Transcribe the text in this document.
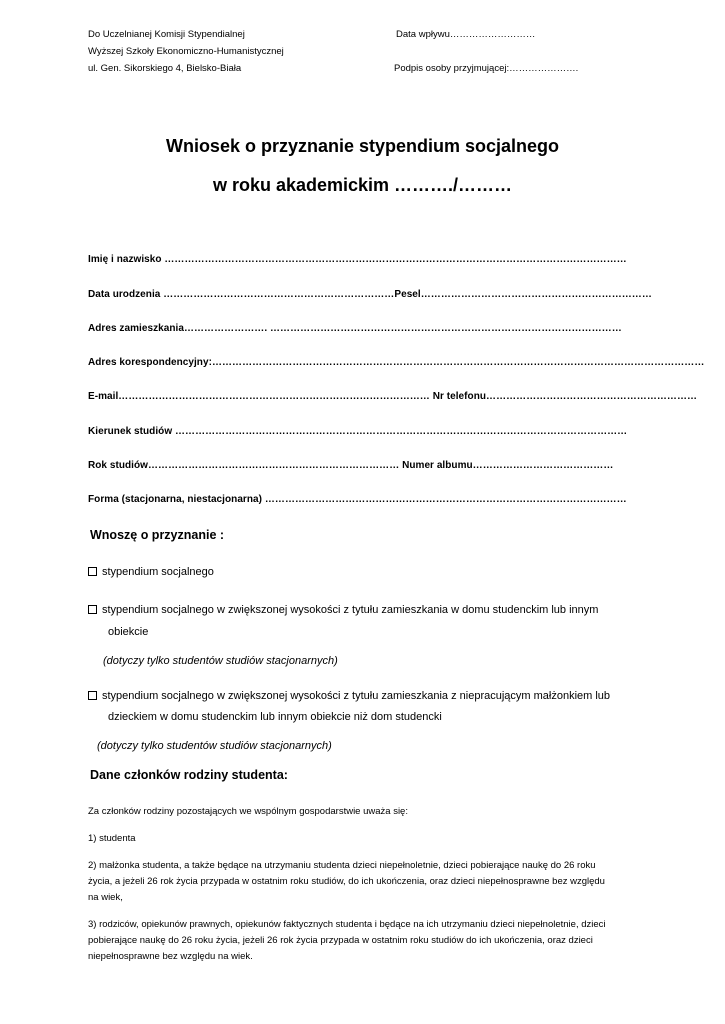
Do Uczelnianej Komisji Stypendialnej
Wyższej Szkoły Ekonomiczno-Humanistycznej
ul. Gen. Sikorskiego 4, Bielsko-Biała
Data wpływu………………………
Podpis osoby przyjmującej:………………….
Wniosek o przyznanie stypendium socjalnego
w roku akademickim ………./………
Imię i nazwisko …………………………………………………………………………………………………………………………
Data urodzenia ……………………………………………………………Pesel……………………………………………………………
Adres zamieszkania……………………. ……………………………………………………………………………………………
Adres korespondencyjny:…………………………………………………………………………………………………………………………………
E-mail………………………………………………………………………………… Nr telefonu………………………………………………………
Kierunek studiów ………………………………………………………………………………………………………………………
Rok studiów………………………………………………………………… Numer albumu……………………………………
Forma (stacjonarna, niestacjonarna) ………………………………………………………………………………………………
Wnoszę o przyznanie :
stypendium socjalnego
stypendium socjalnego w zwiększonej wysokości z tytułu zamieszkania w domu studenckim lub innym
obiekcie
(dotyczy tylko studentów studiów stacjonarnych)
stypendium socjalnego w zwiększonej wysokości z tytułu zamieszkania z niepracującym małżonkiem lub
dzieckiem w domu studenckim lub innym obiekcie niż dom studencki
(dotyczy tylko studentów studiów stacjonarnych)
Dane członków rodziny studenta:
Za członków rodziny pozostających we wspólnym gospodarstwie uważa się:
1) studenta
2) małżonka studenta, a także będące na utrzymaniu studenta dzieci niepełnoletnie, dzieci pobierające naukę do 26 roku
życia, a jeżeli 26 rok życia przypada w ostatnim roku studiów, do ich ukończenia, oraz dzieci niepełnosprawne bez względu
na wiek,
3) rodziców, opiekunów prawnych, opiekunów faktycznych studenta i będące na ich utrzymaniu dzieci niepełnoletnie, dzieci
pobierające naukę do 26 roku życia, jeżeli 26 rok życia przypada w ostatnim roku studiów do ich ukończenia, oraz dzieci
niepełnosprawne bez względu na wiek.
